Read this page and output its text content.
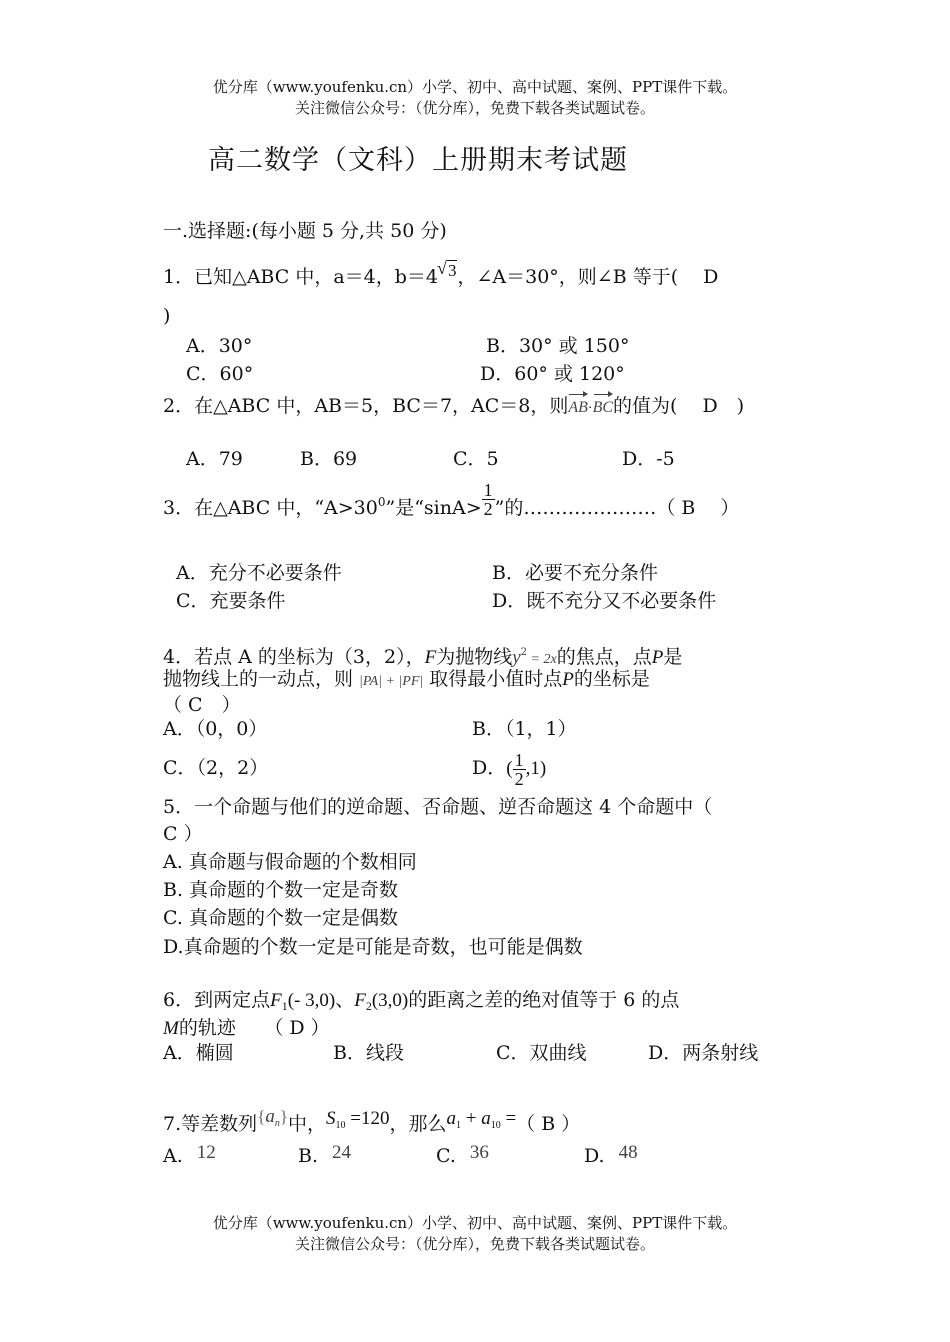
优分库（www.youfenku.cn）小学、初中、高中试题、案例、PPT课件下载。
关注微信公众号：（优分库），免费下载各类试题试卷。
高二数学（文科）上册期末考试题
一.选择题:(每小题 5 分,共 50 分)
1．已知△ABC 中，a＝4，b＝4√ 3，∠A＝30°，则∠B 等于(　 D
)
A．30°	B．30° 或 150°
C．60°	D．60° 或 120°
2．在△ABC 中，AB＝5，BC＝7，AC＝8，则AB·BC的值为(　 D　)
A．79	B．69	C．5	D．-5
3．在△ABC 中，“$A>30^0$”是“$\sin A> \frac{1}{2}$ ”的…………………（ B　 ）
A．充分不必要条件	B．必要不充分条件
C．充要条件	D．既不充分又不必要条件
4．若点 A 的坐标为（3，2），F为抛物线$y^2 = 2x$的焦点，点P是
抛物线上的一动点，则 |PA| + |PF| 取得最小值时点P的坐标是
（ C　）
A．（0，0）	B．（1，1）
C．（2，2）	D．( $\frac{1}{2} ,1$)
5．一个命题与他们的逆命题、否命题、逆否命题这 4 个命题中（
C ）
A. 真命题与假命题的个数相同
B. 真命题的个数一定是奇数
C. 真命题的个数一定是偶数
D.真命题的个数一定是可能是奇数，也可能是偶数
6．到两定点$F_1(-$ 3,0)、$F_2(3,0)$的距离之差的绝对值等于 6 的点
M的轨迹　　（ D ）
A．椭圆	B．线段	C．双曲线	D．两条射线
7.等差数列$\{a^n\}$中，S10 =120，那么a1 + a10 =（ B ）
A. 12	B. 24	C. 36	D. 48
优分库（www.youfenku.cn）小学、初中、高中试题、案例、PPT课件下载。
关注微信公众号：（优分库），免费下载各类试题试卷。
